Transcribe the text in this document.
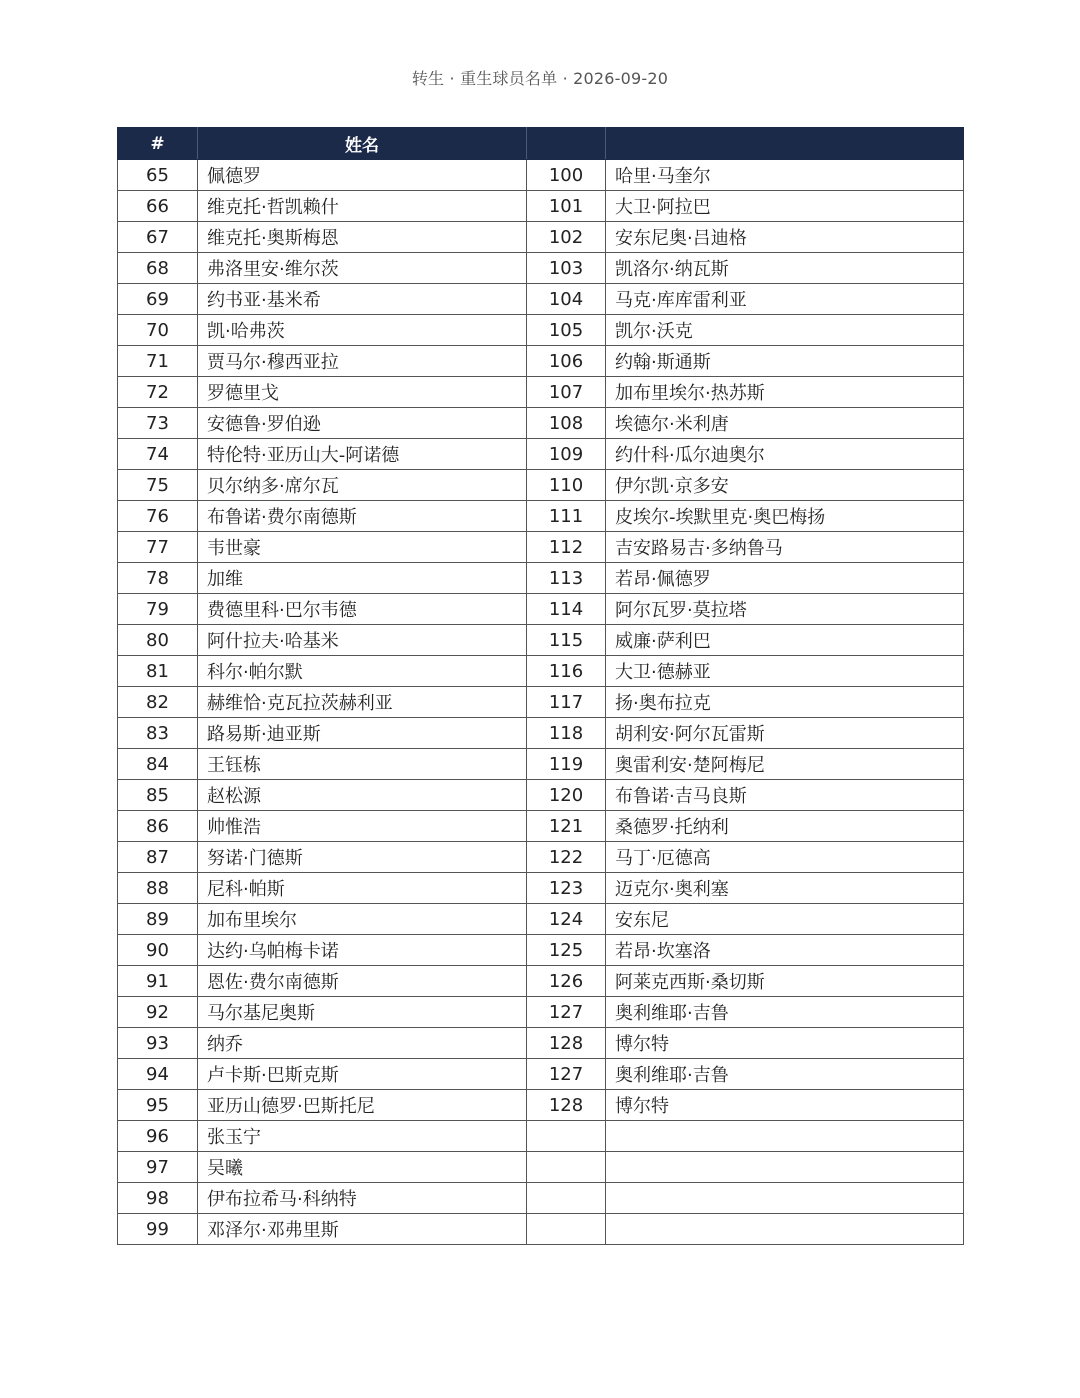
转生 · 重生球员名单 · 2026-09-20
#	姓名		
65	佩德罗	100	哈里·马奎尔
66	维克托·哲凯赖什	101	大卫·阿拉巴
67	维克托·奥斯梅恩	102	安东尼奥·吕迪格
68	弗洛里安·维尔茨	103	凯洛尔·纳瓦斯
69	约书亚·基米希	104	马克·库库雷利亚
70	凯·哈弗茨	105	凯尔·沃克
71	贾马尔·穆西亚拉	106	约翰·斯通斯
72	罗德里戈	107	加布里埃尔·热苏斯
73	安德鲁·罗伯逊	108	埃德尔·米利唐
74	特伦特·亚历山大-阿诺德	109	约什科·瓜尔迪奥尔
75	贝尔纳多·席尔瓦	110	伊尔凯·京多安
76	布鲁诺·费尔南德斯	111	皮埃尔-埃默里克·奥巴梅扬
77	韦世豪	112	吉安路易吉·多纳鲁马
78	加维	113	若昂·佩德罗
79	费德里科·巴尔韦德	114	阿尔瓦罗·莫拉塔
80	阿什拉夫·哈基米	115	威廉·萨利巴
81	科尔·帕尔默	116	大卫·德赫亚
82	赫维恰·克瓦拉茨赫利亚	117	扬·奥布拉克
83	路易斯·迪亚斯	118	胡利安·阿尔瓦雷斯
84	王钰栋	119	奥雷利安·楚阿梅尼
85	赵松源	120	布鲁诺·吉马良斯
86	帅惟浩	121	桑德罗·托纳利
87	努诺·门德斯	122	马丁·厄德高
88	尼科·帕斯	123	迈克尔·奥利塞
89	加布里埃尔	124	安东尼
90	达约·乌帕梅卡诺	125	若昂·坎塞洛
91	恩佐·费尔南德斯	126	阿莱克西斯·桑切斯
92	马尔基尼奥斯	127	奥利维耶·吉鲁
93	纳乔	128	博尔特
94	卢卡斯·巴斯克斯	127	奥利维耶·吉鲁
95	亚历山德罗·巴斯托尼	128	博尔特
96	张玉宁		
97	吴曦		
98	伊布拉希马·科纳特		
99	邓泽尔·邓弗里斯		
